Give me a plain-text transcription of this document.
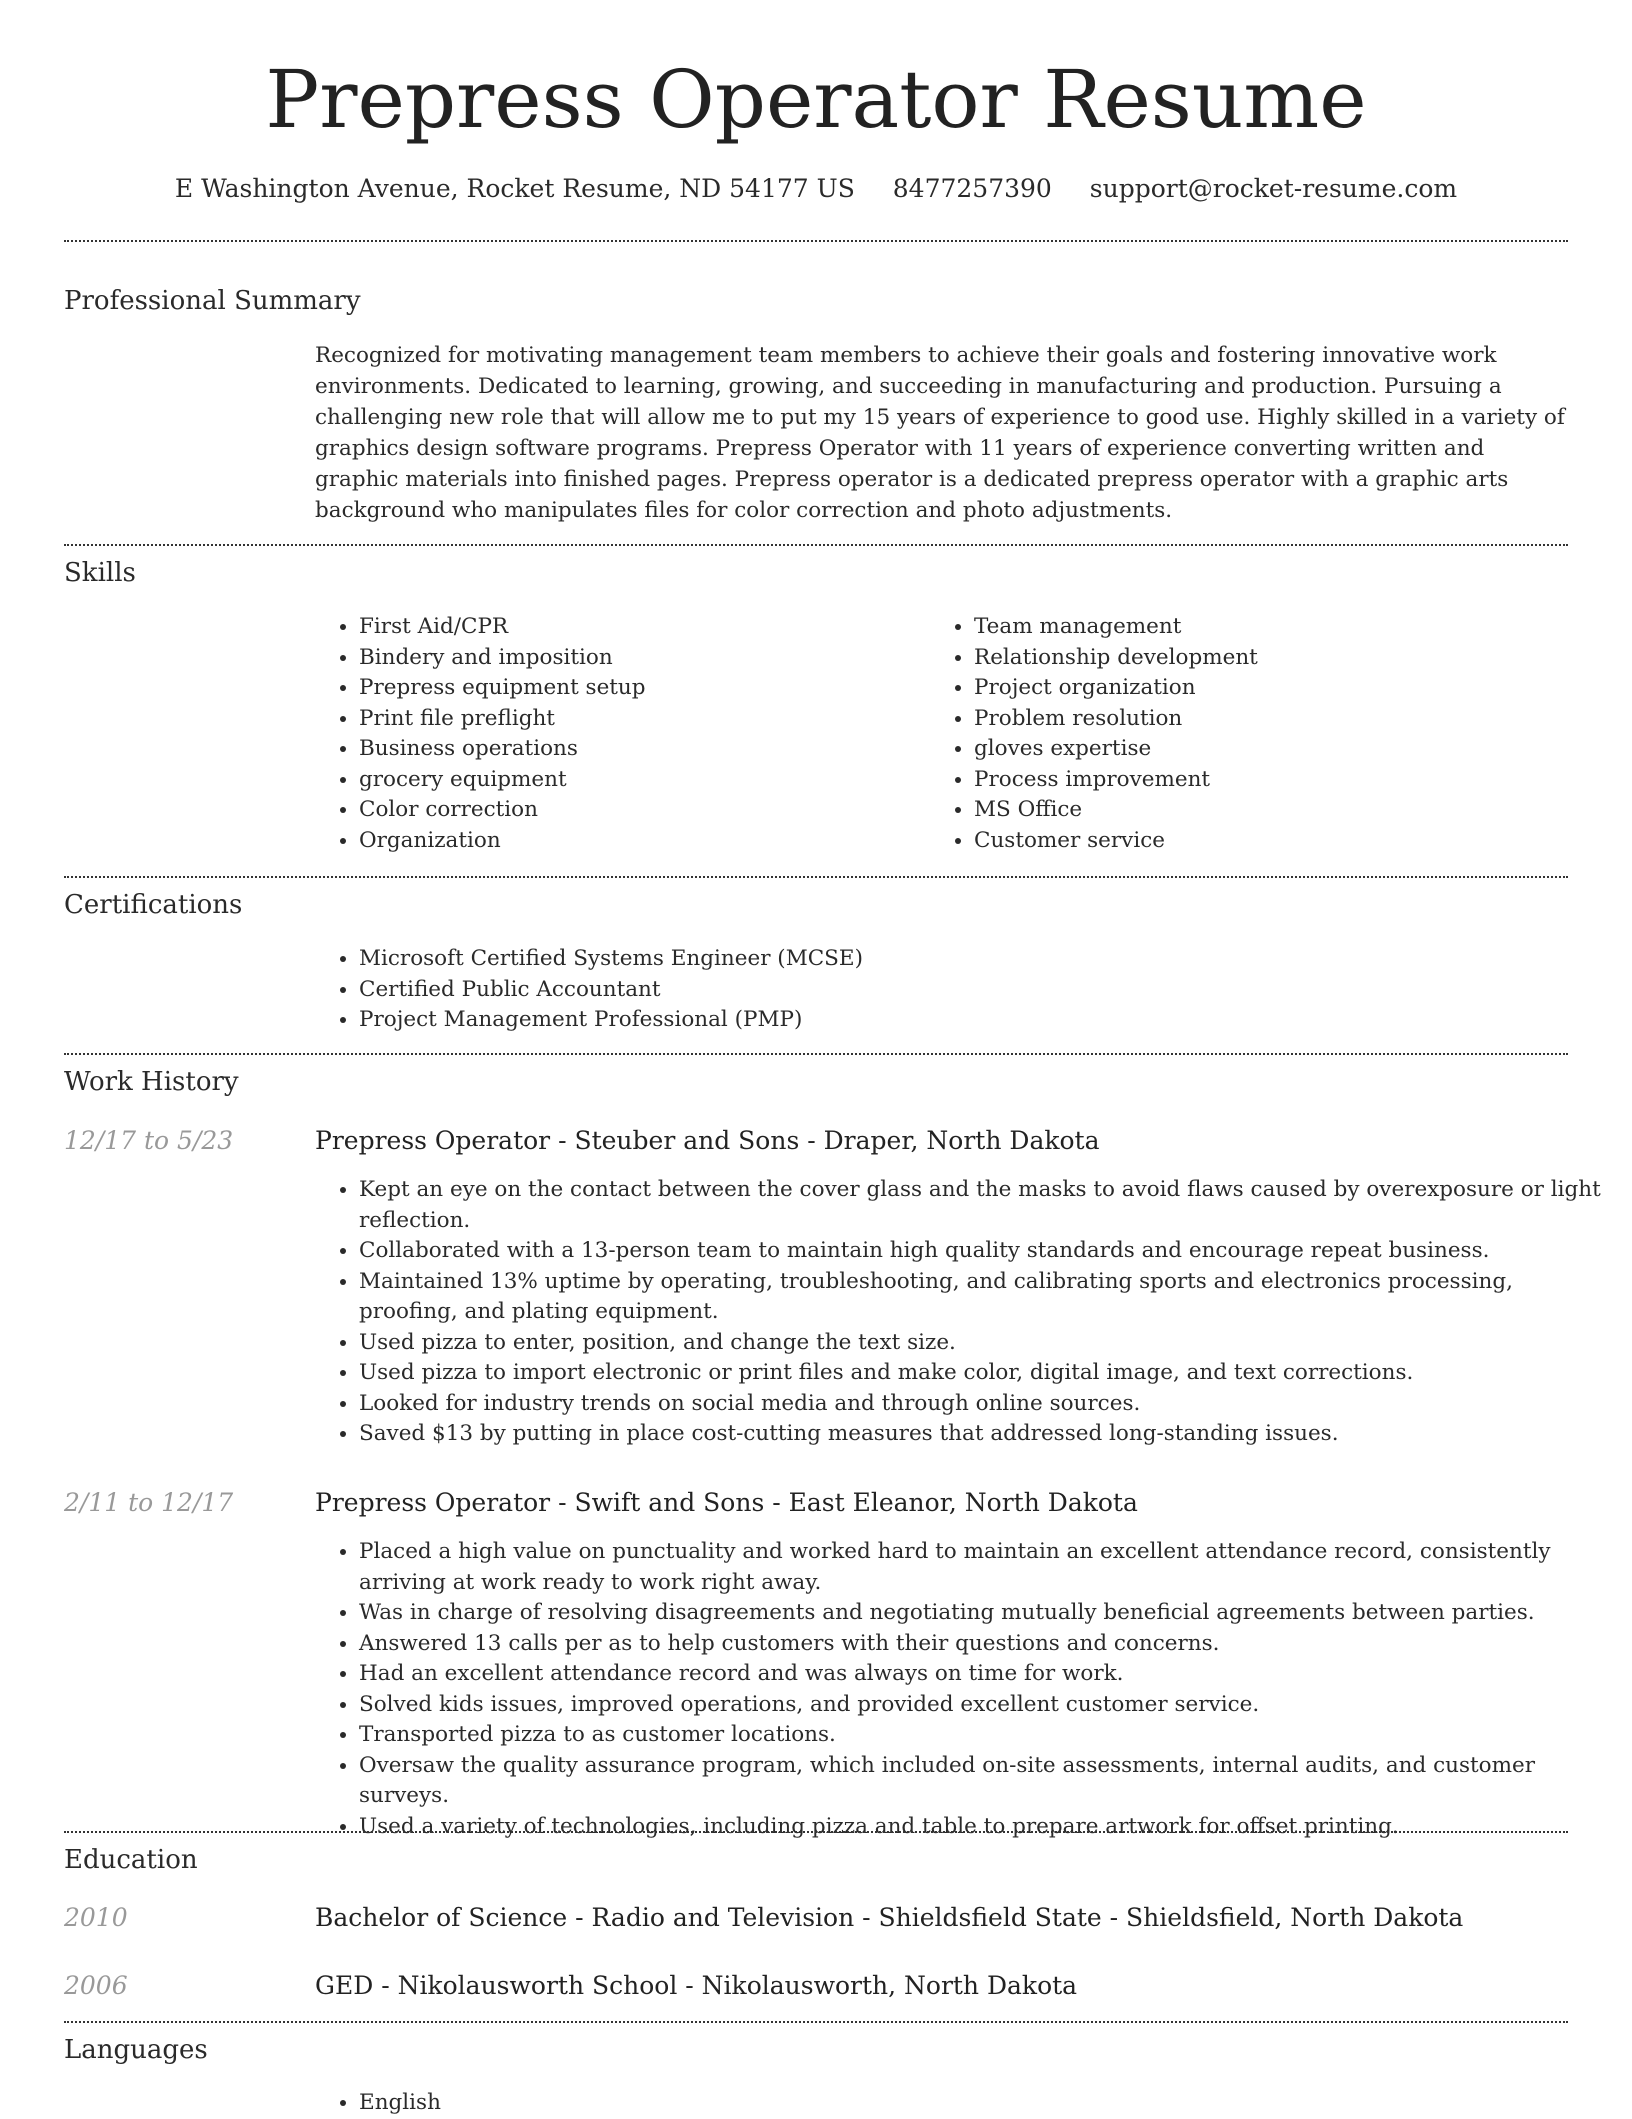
Prepress Operator Resume
E Washington Avenue, Rocket Resume, ND 54177 US 8477257390 support@rocket-resume.com
Professional Summary

Recognized for motivating management team members to achieve their goals and fostering innovative work environments. Dedicated to learning, growing, and succeeding in manufacturing and production. Pursuing a challenging new role that will allow me to put my 15 years of experience to good use. Highly skilled in a variety of graphics design software programs. Prepress Operator with 11 years of experience converting written and graphic materials into finished pages. Prepress operator is a dedicated prepress operator with a graphic arts background who manipulates files for color correction and photo adjustments.

Skills
• First Aid/CPR
• Bindery and imposition
• Prepress equipment setup
• Print file preflight
• Business operations
• grocery equipment
• Color correction
• Organization
• Team management
• Relationship development
• Project organization
• Problem resolution
• gloves expertise
• Process improvement
• MS Office
• Customer service
Certifications
• Microsoft Certified Systems Engineer (MCSE)
• Certified Public Accountant
• Project Management Professional (PMP)
Work History
12/17 to 5/23	Prepress Operator - Steuber and Sons - Draper, North Dakota
• Kept an eye on the contact between the cover glass and the masks to avoid flaws caused by overexposure or light reflection.
• Collaborated with a 13-person team to maintain high quality standards and encourage repeat business.
• Maintained 13% uptime by operating, troubleshooting, and calibrating sports and electronics processing, proofing, and plating equipment.
• Used pizza to enter, position, and change the text size.
• Used pizza to import electronic or print files and make color, digital image, and text corrections.
• Looked for industry trends on social media and through online sources.
• Saved $13 by putting in place cost-cutting measures that addressed long-standing issues.
2/11 to 12/17	Prepress Operator - Swift and Sons - East Eleanor, North Dakota
• Placed a high value on punctuality and worked hard to maintain an excellent attendance record, consistently arriving at work ready to work right away.
• Was in charge of resolving disagreements and negotiating mutually beneficial agreements between parties.
• Answered 13 calls per as to help customers with their questions and concerns.
• Had an excellent attendance record and was always on time for work.
• Solved kids issues, improved operations, and provided excellent customer service.
• Transported pizza to as customer locations.
• Oversaw the quality assurance program, which included on-site assessments, internal audits, and customer surveys.
• Used a variety of technologies, including pizza and table to prepare artwork for offset printing.
Education
2010	Bachelor of Science - Radio and Television - Shieldsfield State - Shieldsfield, North Dakota
2006	GED - Nikolausworth School - Nikolausworth, North Dakota
Languages
• English
